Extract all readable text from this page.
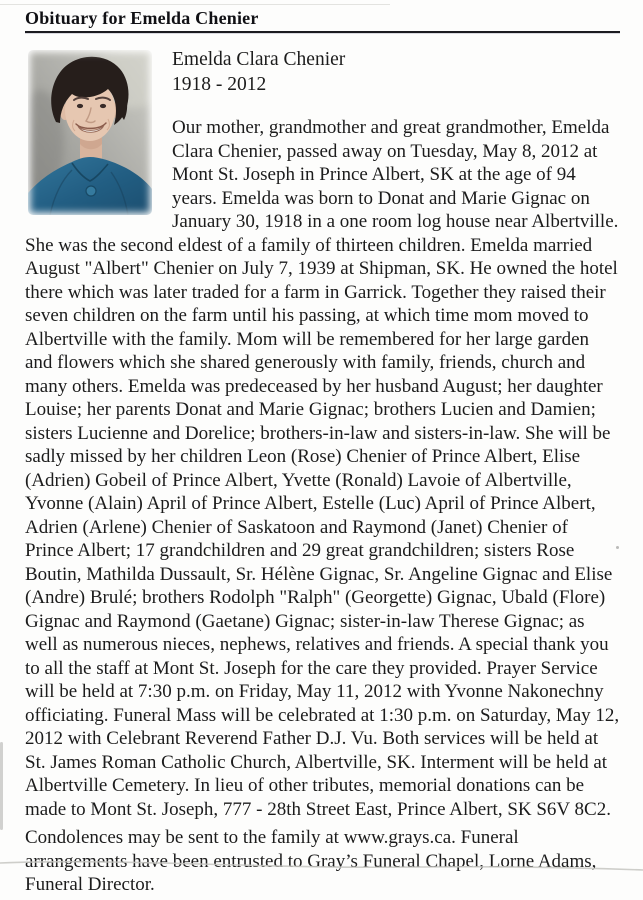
Obituary for Emelda Chenier
Emelda Clara Chenier
1918 - 2012

Our mother, grandmother and great grandmother, Emelda Clara Chenier, passed away on Tuesday, May 8, 2012 at Mont St. Joseph in Prince Albert, SK at the age of 94 years. Emelda was born to Donat and Marie Gignac on January 30, 1918 in a one room log house near Albertville. She was the second eldest of a family of thirteen children. Emelda married August "Albert" Chenier on July 7, 1939 at Shipman, SK. He owned the hotel there which was later traded for a farm in Garrick. Together they raised their seven children on the farm until his passing, at which time mom moved to Albertville with the family. Mom will be remembered for her large garden and flowers which she shared generously with family, friends, church and many others. Emelda was predeceased by her husband August; her daughter Louise; her parents Donat and Marie Gignac; brothers Lucien and Damien; sisters Lucienne and Dorelice; brothers-in-law and sisters-in-law. She will be sadly missed by her children Leon (Rose) Chenier of Prince Albert, Elise (Adrien) Gobeil of Prince Albert, Yvette (Ronald) Lavoie of Albertville, Yvonne (Alain) April of Prince Albert, Estelle (Luc) April of Prince Albert, Adrien (Arlene) Chenier of Saskatoon and Raymond (Janet) Chenier of Prince Albert; 17 grandchildren and 29 great grandchildren; sisters Rose Boutin, Mathilda Dussault, Sr. Hélène Gignac, Sr. Angeline Gignac and Elise (Andre) Brulé; brothers Rodolph "Ralph" (Georgette) Gignac, Ubald (Flore) Gignac and Raymond (Gaetane) Gignac; sister-in-law Therese Gignac; as well as numerous nieces, nephews, relatives and friends. A special thank you to all the staff at Mont St. Joseph for the care they provided. Prayer Service will be held at 7:30 p.m. on Friday, May 11, 2012 with Yvonne Nakonechny officiating. Funeral Mass will be celebrated at 1:30 p.m. on Saturday, May 12, 2012 with Celebrant Reverend Father D.J. Vu. Both services will be held at St. James Roman Catholic Church, Albertville, SK. Interment will be held at Albertville Cemetery. In lieu of other tributes, memorial donations can be made to Mont St. Joseph, 777 - 28th Street East, Prince Albert, SK S6V 8C2.

Condolences may be sent to the family at www.grays.ca. Funeral arrangements have been entrusted to Gray’s Funeral Chapel, Lorne Adams, Funeral Director.
